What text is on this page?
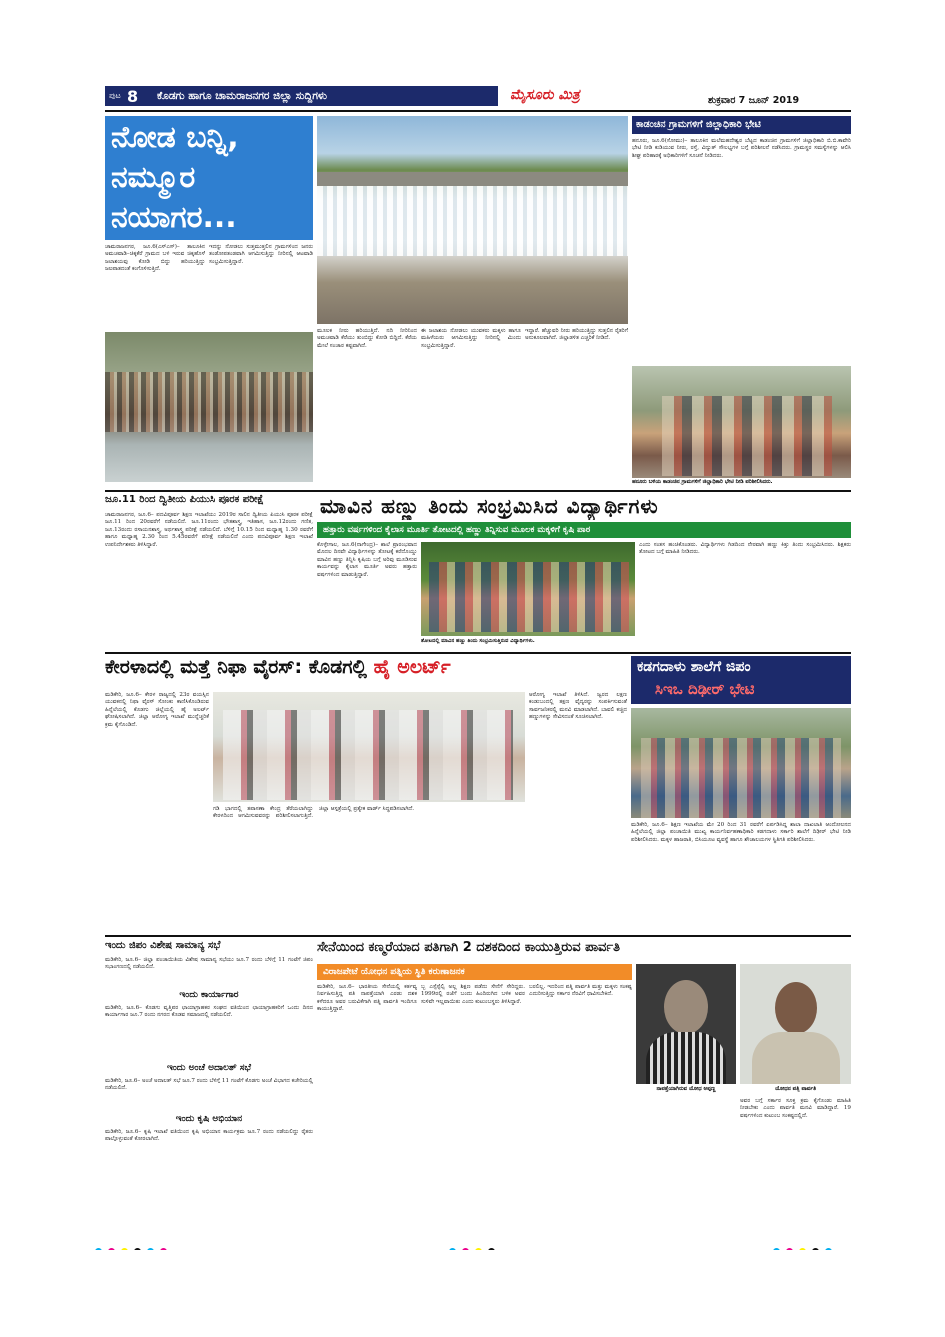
ಪುಟ 8	ಕೊಡಗು ಹಾಗೂ ಚಾಮರಾಜನಗರ ಜಿಲ್ಲಾ ಸುದ್ದಿಗಳು	ಮೈಸೂರು ಮಿತ್ರ	ಶುಕ್ರವಾರ 7 ಜೂನ್ 2019
ನೋಡ ಬನ್ನಿ, ನಮ್ಮೂರ ನಯಾಗರ...
ಚಾಮರಾಜನಗರ, ಜೂ.6(ಎಸ್‌ಎಸ್)– ತಾಲೂಕಿನ ಅಮಚವಾಡಿ–ಚಿಕ್ಕಕೆರೆ ಗ್ರಾಮದ ಬಳಿ ಇರುವ ಚಿಕ್ಕಹೊಳೆ ಜಲಾಶಯವು ಕೋಡಿ ಬಿದ್ದು ಹರಿಯುತ್ತಿದ್ದು ಜಲಪಾತದಂತೆ ಕಂಗೊಳಿಸುತ್ತಿದೆ.
ಇದನ್ನು ನೋಡಲು ಸುತ್ತಮುತ್ತಲಿನ ಗ್ರಾಮಗಳಿಂದ ಜನರು ತಂಡೋಪತಂಡವಾಗಿ ಆಗಮಿಸುತ್ತಿದ್ದು ನೀರಿನಲ್ಲಿ ಆಟವಾಡಿ ಸಂಭ್ರಮಿಸುತ್ತಿದ್ದಾರೆ.
ಮೂಲಕ ನೀರು ಹರಿಯುತ್ತಿದೆ. ನದಿ ನೀರಿನಿಂದ ಅಮಚವಾಡಿ ಕೆರೆಯು ತುಂಬಿದ್ದು ಕೋಡಿ ಬಿದ್ದಿದೆ. ಕೆರೆಯ ಮೇಲೆ ಸಂಚಾರ ಕಷ್ಟವಾಗಿದೆ.
ಈ ಜಲಾಶಯ ನೋಡಲು ಯುವಕರು ಮಕ್ಕಳು ಹಾಗೂ ಮಹಿಳೆಯರು ಆಗಮಿಸುತ್ತಿದ್ದು ನೀರಿನಲ್ಲಿ ಮಿಂದು ಸಂಭ್ರಮಿಸುತ್ತಿದ್ದಾರೆ.
ಇದ್ದಾರೆ. ಹೆಚ್ಚುವರಿ ನೀರು ಹರಿಯುತ್ತಿದ್ದು ಸುತ್ತಲಿನ ರೈತರಿಗೆ ಅನುಕೂಲವಾಗಿದೆ. ಜಿಲ್ಲಾಡಳಿತ ಎಚ್ಚರಿಕೆ ನೀಡಿದೆ.
ಕಾಡಂಚಿನ ಗ್ರಾಮಗಳಿಗೆ ಜಿಲ್ಲಾಧಿಕಾರಿ ಭೇಟಿ
ಹನೂರು, ಜೂ.6(ಸೋಮು)– ತಾಲೂಕಿನ ಮಲೆಮಹದೇಶ್ವರ ಬೆಟ್ಟದ ಕಾಡಂಚಿನ ಗ್ರಾಮಗಳಿಗೆ ಜಿಲ್ಲಾಧಿಕಾರಿ ಬಿ.ಬಿ.ಕಾವೇರಿ ಭೇಟಿ ನೀಡಿ ಕುಡಿಯುವ ನೀರು, ರಸ್ತೆ, ವಿದ್ಯುತ್ ಸೌಲಭ್ಯಗಳ ಬಗ್ಗೆ ಪರಿಶೀಲನೆ ನಡೆಸಿದರು. ಗ್ರಾಮಸ್ಥರ ಸಮಸ್ಯೆಗಳನ್ನು ಆಲಿಸಿ ಶೀಘ್ರ ಪರಿಹಾರಕ್ಕೆ ಅಧಿಕಾರಿಗಳಿಗೆ ಸೂಚನೆ ನೀಡಿದರು.
ಹನೂರು ಬಳಿಯ ಕಾಡಂಚಿನ ಗ್ರಾಮಗಳಿಗೆ ಜಿಲ್ಲಾಧಿಕಾರಿ ಭೇಟಿ ನೀಡಿ ಪರಿಶೀಲಿಸಿದರು.
ಜೂ.11 ರಿಂದ ದ್ವಿತೀಯ ಪಿಯುಸಿ ಪೂರಕ ಪರೀಕ್ಷೆ
ಚಾಮರಾಜನಗರ, ಜೂ.6– ಪದವಿಪೂರ್ವ ಶಿಕ್ಷಣ ಇಲಾಖೆಯು 2019ರ ಸಾಲಿನ ದ್ವಿತೀಯ ಪಿಯುಸಿ ಪೂರಕ ಪರೀಕ್ಷೆ ಜೂ.11 ರಿಂದ 20ರವರೆಗೆ ನಡೆಯಲಿದೆ. ಜೂ.11ರಂದು ಭೌತಶಾಸ್ತ್ರ, ಇತಿಹಾಸ, ಜೂ.12ರಂದು ಗಣಿತ, ಜೂ.13ರಂದು ರಸಾಯನಶಾಸ್ತ್ರ, ಅರ್ಥಶಾಸ್ತ್ರ ಪರೀಕ್ಷೆ ನಡೆಯಲಿದೆ. ಬೆಳಿಗ್ಗೆ 10.15 ರಿಂದ ಮಧ್ಯಾಹ್ನ 1.30 ರವರೆಗೆ ಹಾಗೂ ಮಧ್ಯಾಹ್ನ 2.30 ರಿಂದ 5.45ರವರೆಗೆ ಪರೀಕ್ಷೆ ನಡೆಯಲಿದೆ ಎಂದು ಪದವಿಪೂರ್ವ ಶಿಕ್ಷಣ ಇಲಾಖೆ ಉಪನಿರ್ದೇಶಕರು ತಿಳಿಸಿದ್ದಾರೆ.
ಮಾವಿನ ಹಣ್ಣು ತಿಂದು ಸಂಭ್ರಮಿಸಿದ ವಿದ್ಯಾರ್ಥಿಗಳು
ಹತ್ತಾರು ವರ್ಷಗಳಿಂದ ಕೈಲಾಸ ಮೂರ್ತಿ ತೋಟದಲ್ಲಿ ಹಣ್ಣು ತಿನ್ನಿಸುವ ಮೂಲಕ ಮಕ್ಕಳಿಗೆ ಕೃಷಿ ಪಾಠ
ಕೊಳ್ಳೇಗಾಲ, ಜೂ.6(ನಾಗೇಂದ್ರ)– ಶಾಲೆ ಪ್ರಾರಂಭವಾದ ಮೊದಲ ದಿನವೇ ವಿದ್ಯಾರ್ಥಿಗಳನ್ನು ತೋಟಕ್ಕೆ ಕರೆದೊಯ್ದು ಮಾವಿನ ಹಣ್ಣು ತಿನ್ನಿಸಿ ಕೃಷಿಯ ಬಗ್ಗೆ ಅರಿವು ಮೂಡಿಸುವ ಕಾರ್ಯವನ್ನು ಕೈಲಾಸ ಮೂರ್ತಿ ಅವರು ಹತ್ತಾರು ವರ್ಷಗಳಿಂದ ಮಾಡುತ್ತಿದ್ದಾರೆ.
ತೋಟದಲ್ಲಿ ಮಾವಿನ ಹಣ್ಣು ತಿಂದು ಸಂಭ್ರಮಿಸುತ್ತಿರುವ ವಿದ್ಯಾರ್ಥಿಗಳು.
ಎಂದು ಸಂತಸ ಹಂಚಿಕೊಂಡರು. ವಿದ್ಯಾರ್ಥಿಗಳು ಗಿಡದಿಂದ ನೇರವಾಗಿ ಹಣ್ಣು ಕಿತ್ತು ತಿಂದು ಸಂಭ್ರಮಿಸಿದರು. ಶಿಕ್ಷಕರು ತೋಟದ ಬಗ್ಗೆ ಮಾಹಿತಿ ನೀಡಿದರು.
ಕೇರಳಾದಲ್ಲಿ ಮತ್ತೆ ನಿಫಾ ವೈರಸ್: ಕೊಡಗಲ್ಲಿ ಹೈ ಅಲರ್ಟ್
ಮಡಿಕೇರಿ, ಜೂ.6– ಕೇರಳ ರಾಜ್ಯದಲ್ಲಿ 23ರ ವಯಸ್ಸಿನ ಯುವಕನಲ್ಲಿ ನಿಫಾ ವೈರಸ್ ಸೋಂಕು ಕಾಣಿಸಿಕೊಂಡಿರುವ ಹಿನ್ನೆಲೆಯಲ್ಲಿ ಕೊಡಗು ಜಿಲ್ಲೆಯಲ್ಲಿ ಹೈ ಅಲರ್ಟ್ ಘೋಷಿಸಲಾಗಿದೆ. ಜಿಲ್ಲಾ ಆರೋಗ್ಯ ಇಲಾಖೆ ಮುನ್ನೆಚ್ಚರಿಕೆ ಕ್ರಮ ಕೈಗೊಂಡಿದೆ.
ಗಡಿ ಭಾಗದಲ್ಲಿ ತಪಾಸಣಾ ಕೇಂದ್ರ ತೆರೆಯಲಾಗಿದ್ದು ಕೇರಳದಿಂದ ಆಗಮಿಸುವವರನ್ನು ಪರಿಶೀಲಿಸಲಾಗುತ್ತಿದೆ. ಜಿಲ್ಲಾ ಆಸ್ಪತ್ರೆಯಲ್ಲಿ ಪ್ರತ್ಯೇಕ ವಾರ್ಡ್ ಸಿದ್ಧಪಡಿಸಲಾಗಿದೆ.
ಆರೋಗ್ಯ ಇಲಾಖೆ ತಿಳಿಸಿದೆ. ಜ್ವರದ ಲಕ್ಷಣ ಕಂಡುಬಂದಲ್ಲಿ ತಕ್ಷಣ ವೈದ್ಯರನ್ನು ಸಂಪರ್ಕಿಸುವಂತೆ ಸಾರ್ವಜನಿಕರಲ್ಲಿ ಮನವಿ ಮಾಡಲಾಗಿದೆ. ಬಾವಲಿ ಕಚ್ಚಿದ ಹಣ್ಣುಗಳನ್ನು ಸೇವಿಸದಂತೆ ಸೂಚಿಸಲಾಗಿದೆ.
ಕಡಗದಾಳು ಶಾಲೆಗೆ ಜಿಪಂ
ಸಿಇಒ ದಿಢೀರ್ ಭೇಟಿ
ಮಡಿಕೇರಿ, ಜೂ.6– ಶಿಕ್ಷಣ ಇಲಾಖೆಯ ಮೇ 20 ರಿಂದ 31 ರವರೆಗೆ ಏರ್ಪಡಿಸಿದ್ದ ಶಾಲಾ ದಾಖಲಾತಿ ಆಂದೋಲನದ ಹಿನ್ನೆಲೆಯಲ್ಲಿ ಜಿಲ್ಲಾ ಪಂಚಾಯಿತಿ ಮುಖ್ಯ ಕಾರ್ಯನಿರ್ವಹಣಾಧಿಕಾರಿ ಕಡಗದಾಳು ಸರ್ಕಾರಿ ಶಾಲೆಗೆ ದಿಢೀರ್ ಭೇಟಿ ನೀಡಿ ಪರಿಶೀಲಿಸಿದರು. ಮಕ್ಕಳ ಹಾಜರಾತಿ, ಬಿಸಿಯೂಟ ವ್ಯವಸ್ಥೆ ಹಾಗೂ ಶೌಚಾಲಯಗಳ ಸ್ಥಿತಿಗತಿ ಪರಿಶೀಲಿಸಿದರು.
ಇಂದು ಜಿಪಂ ವಿಶೇಷ ಸಾಮಾನ್ಯ ಸಭೆ
ಮಡಿಕೇರಿ, ಜೂ.6– ಜಿಲ್ಲಾ ಪಂಚಾಯಿತಿಯ ವಿಶೇಷ ಸಾಮಾನ್ಯ ಸಭೆಯು ಜೂ.7 ರಂದು ಬೆಳಿಗ್ಗೆ 11 ಗಂಟೆಗೆ ಜಿಪಂ ಸಭಾಂಗಣದಲ್ಲಿ ನಡೆಯಲಿದೆ.
ಇಂದು ಕಾರ್ಯಾಗಾರ
ಮಡಿಕೇರಿ, ಜೂ.6– ಕೊಡಗು ವೃತ್ತಿಪರ ಛಾಯಾಗ್ರಾಹಕರ ಸಂಘದ ವತಿಯಿಂದ ಛಾಯಾಗ್ರಾಹಕರಿಗೆ ಒಂದು ದಿನದ ಕಾರ್ಯಾಗಾರ ಜೂ.7 ರಂದು ನಗರದ ಕೊಡವ ಸಮಾಜದಲ್ಲಿ ನಡೆಯಲಿದೆ.
ಇಂದು ಅಂಚೆ ಅದಾಲತ್ ಸಭೆ
ಮಡಿಕೇರಿ, ಜೂ.6– ಅಂಚೆ ಅದಾಲತ್ ಸಭೆ ಜೂ.7 ರಂದು ಬೆಳಿಗ್ಗೆ 11 ಗಂಟೆಗೆ ಕೊಡಗು ಅಂಚೆ ವಿಭಾಗದ ಕಚೇರಿಯಲ್ಲಿ ನಡೆಯಲಿದೆ.
ಇಂದು ಕೃಷಿ ಅಭಿಯಾನ
ಮಡಿಕೇರಿ, ಜೂ.6– ಕೃಷಿ ಇಲಾಖೆ ವತಿಯಿಂದ ಕೃಷಿ ಅಭಿಯಾನ ಕಾರ್ಯಕ್ರಮ ಜೂ.7 ರಂದು ನಡೆಯಲಿದ್ದು ರೈತರು ಪಾಲ್ಗೊಳ್ಳುವಂತೆ ಕೋರಲಾಗಿದೆ.
ಸೇನೆಯಿಂದ ಕಣ್ಮರೆಯಾದ ಪತಿಗಾಗಿ 2 ದಶಕದಿಂದ ಕಾಯುತ್ತಿರುವ ಪಾರ್ವತಿ
ವಿರಾಜಪೇಟೆ ಯೋಧನ ಪತ್ನಿಯ ಸ್ಥಿತಿ ಕರುಣಾಜನಕ
ಮಡಿಕೇರಿ, ಜೂ.6– ಭಾರತೀಯ ಸೇನೆಯಲ್ಲಿ ಕರ್ತವ್ಯ ನಿರ್ವಹಿಸುತ್ತಿದ್ದ ಪತಿ ನಾಪತ್ತೆಯಾಗಿ ಎರಡು ದಶಕ ಕಳೆದರೂ ಅವರ ಬರುವಿಕೆಗಾಗಿ ಪತ್ನಿ ಪಾರ್ವತಿ ಇಂದಿಗೂ ಕಾಯುತ್ತಿದ್ದಾರೆ.
ಬ್ಬ ಎಸ್ಸೆಸ್ಸೆಲ್ಸಿ ಅಲ್ಲ ಶಿಕ್ಷಣ ಪಡೆದು ಸೇನೆಗೆ ಸೇರಿದ್ದರು. 1999ರಲ್ಲಿ ರಜೆಗೆ ಬಂದು ಹಿಂದಿರುಗಿದ ಬಳಿಕ ಅವರ ಸುಳಿವೇ ಇಲ್ಲವಾಯಿತು ಎಂದು ಕುಟುಂಬಸ್ಥರು ತಿಳಿಸಿದ್ದಾರೆ.
ಬರಲಿಲ್ಲ. ಇದರಿಂದ ಪತ್ನಿ ಪಾರ್ವತಿ ಮತ್ತು ಮಕ್ಕಳು ಸಂಕಷ್ಟ ಎದುರಿಸುತ್ತಿದ್ದು ಸರ್ಕಾರ ನೆರವಿಗೆ ಧಾವಿಸಬೇಕಿದೆ.
ನಾಪತ್ತೆಯಾಗಿರುವ ಯೋಧ ಅಪ್ಪಣ್ಣ	ಯೋಧನ ಪತ್ನಿ ಪಾರ್ವತಿ
ಅವರ ಬಗ್ಗೆ ಸರ್ಕಾರ ಸೂಕ್ತ ಕ್ರಮ ಕೈಗೊಂಡು ಮಾಹಿತಿ ನೀಡಬೇಕು ಎಂದು ಪಾರ್ವತಿ ಮನವಿ ಮಾಡಿದ್ದಾರೆ. 19 ವರ್ಷಗಳಿಂದ ಕುಟುಂಬ ಸಂಕಷ್ಟದಲ್ಲಿದೆ.
